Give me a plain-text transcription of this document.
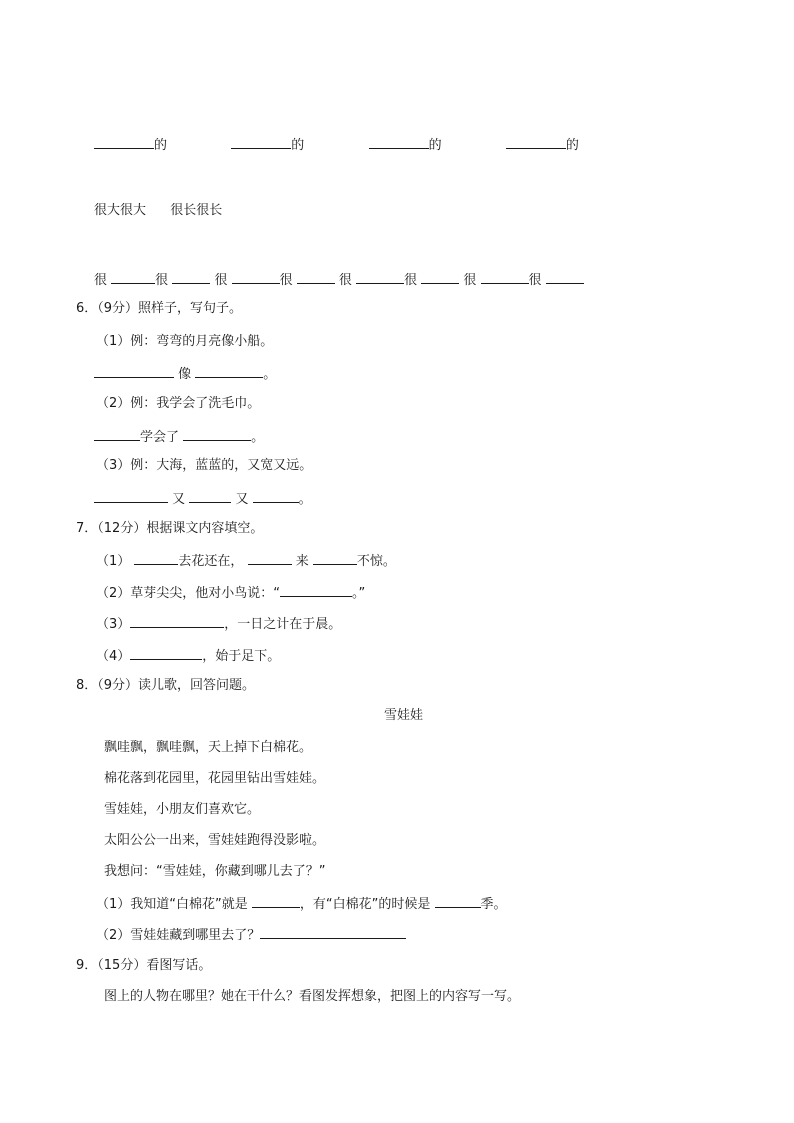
的	的	的	的
很大很大 很长很长
很	很	很	很	很	很	很	很
6．（9分）照样子，写句子。
（1）例：弯弯的月亮像小船。
像	。
（2）例：我学会了洗毛巾。
学会了	。
（3）例：大海，蓝蓝的，又宽又远。
又	又	。
7．（12分）根据课文内容填空。
（1）	去花还在，	来	不惊。
（2）草芽尖尖，他对小鸟说：“	。”
（3）	，一日之计在于晨。
（4）	，始于足下。
8．（9分）读儿歌，回答问题。
雪娃娃
飘哇飘，飘哇飘，天上掉下白棉花。
棉花落到花园里，花园里钻出雪娃娃。
雪娃娃，小朋友们喜欢它。
太阳公公一出来，雪娃娃跑得没影啦。
我想问：“雪娃娃，你藏到哪儿去了？”
（1）我知道“白棉花”就是	，有“白棉花”的时候是	季。
（2）雪娃娃藏到哪里去了？
9．（15分）看图写话。
图上的人物在哪里？她在干什么？看图发挥想象，把图上的内容写一写。
